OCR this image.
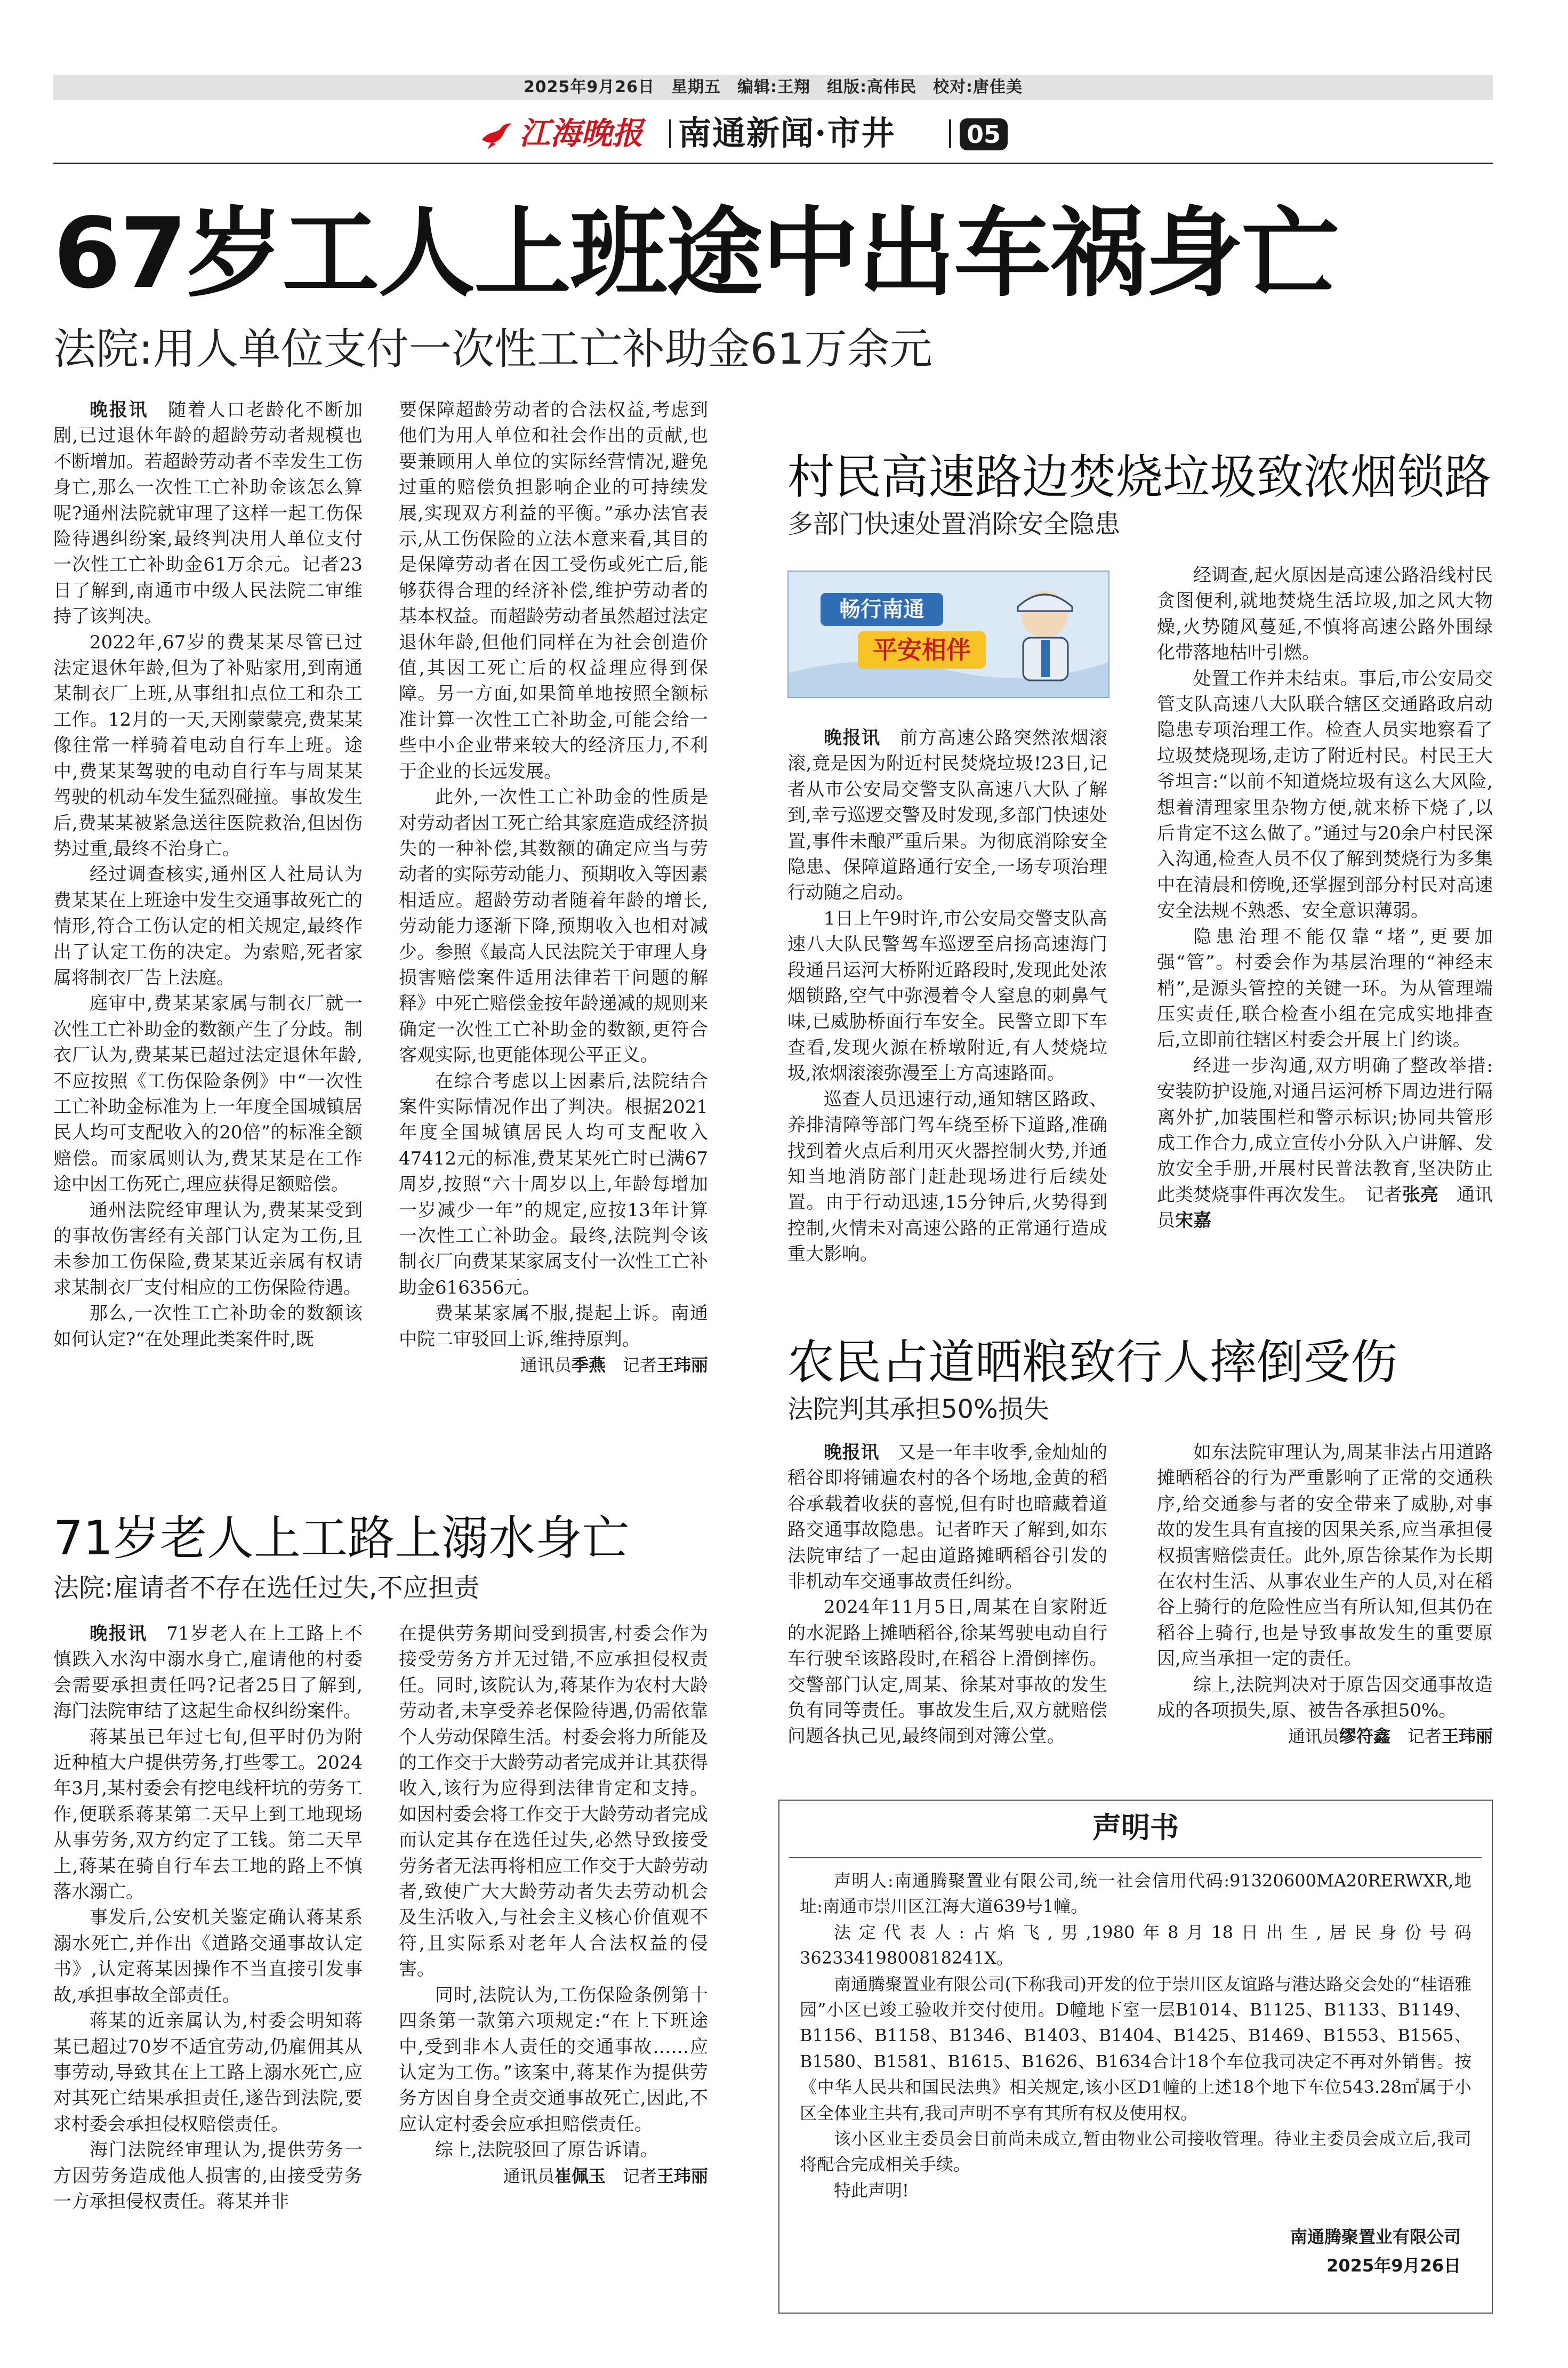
2025年9月26日　星期五　编辑:王翔　组版:高伟民　校对:唐佳美
江海晚报 南通新闻·市井	05
67岁工人上班途中出车祸身亡
法院:用人单位支付一次性工亡补助金61万余元

晚报讯　 随着人口老龄化不断加剧,已过退休年龄的超龄劳动者规模也不断增加。若超龄劳动者不幸发生工伤身亡,那么一次性工亡补助金该怎么算呢?通州法院就审理了这样一起工伤保险待遇纠纷案,最终判决用人单位支付一次性工亡补助金61万余元。记者23日了解到,南通市中级人民法院二审维持了该判决。

2022年,67岁的费某某尽管已过法定退休年龄,但为了补贴家用,到南通某制衣厂上班,从事组扣点位工和杂工工作。12月的一天,天刚蒙蒙亮,费某某像往常一样骑着电动自行车上班。途中,费某某驾驶的电动自行车与周某某驾驶的机动车发生猛烈碰撞。事故发生后,费某某被紧急送往医院救治,但因伤势过重,最终不治身亡。

经过调查核实,通州区人社局认为费某某在上班途中发生交通事故死亡的情形,符合工伤认定的相关规定,最终作出了认定工伤的决定。为索赔,死者家属将制衣厂告上法庭。

庭审中,费某某家属与制衣厂就一次性工亡补助金的数额产生了分歧。制衣厂认为,费某某已超过法定退休年龄,不应按照《工伤保险条例》中“一次性工亡补助金标准为上一年度全国城镇居民人均可支配收入的20倍”的标准全额赔偿。而家属则认为,费某某是在工作途中因工伤死亡,理应获得足额赔偿。

通州法院经审理认为,费某某受到的事故伤害经有关部门认定为工伤,且未参加工伤保险,费某某近亲属有权请求某制衣厂支付相应的工伤保险待遇。

那么,一次性工亡补助金的数额该如何认定?“在处理此类案件时,既

要保障超龄劳动者的合法权益,考虑到他们为用人单位和社会作出的贡献,也要兼顾用人单位的实际经营情况,避免过重的赔偿负担影响企业的可持续发展,实现双方利益的平衡。”承办法官表示,从工伤保险的立法本意来看,其目的是保障劳动者在因工受伤或死亡后,能够获得合理的经济补偿,维护劳动者的基本权益。而超龄劳动者虽然超过法定退休年龄,但他们同样在为社会创造价值,其因工死亡后的权益理应得到保障。另一方面,如果简单地按照全额标准计算一次性工亡补助金,可能会给一些中小企业带来较大的经济压力,不利于企业的长远发展。

此外,一次性工亡补助金的性质是对劳动者因工死亡给其家庭造成经济损失的一种补偿,其数额的确定应当与劳动者的实际劳动能力、预期收入等因素相适应。超龄劳动者随着年龄的增长,劳动能力逐渐下降,预期收入也相对减少。参照《最高人民法院关于审理人身损害赔偿案件适用法律若干问题的解释》中死亡赔偿金按年龄递减的规则来确定一次性工亡补助金的数额,更符合客观实际,也更能体现公平正义。

在综合考虑以上因素后,法院结合案件实际情况作出了判决。根据2021年度全国城镇居民人均可支配收入47412元的标准,费某某死亡时已满67周岁,按照“六十周岁以上,年龄每增加一岁减少一年”的规定,应按13年计算一次性工亡补助金。最终,法院判令该制衣厂向费某某家属支付一次性工亡补助金616356元。

费某某家属不服,提起上诉。南通中院二审驳回上诉,维持原判。

通讯员季燕　 记者王玮丽
村民高速路边焚烧垃圾致浓烟锁路
多部门快速处置消除安全隐患
畅行南通
平安相伴

晚报讯　 前方高速公路突然浓烟滚滚,竟是因为附近村民焚烧垃圾!23日,记者从市公安局交警支队高速八大队了解到,幸亏巡逻交警及时发现,多部门快速处置,事件未酿严重后果。为彻底消除安全隐患、保障道路通行安全,一场专项治理行动随之启动。

1日上午9时许,市公安局交警支队高速八大队民警驾车巡逻至启扬高速海门段通吕运河大桥附近路段时,发现此处浓烟锁路,空气中弥漫着令人窒息的刺鼻气味,已威胁桥面行车安全。民警立即下车查看,发现火源在桥墩附近,有人焚烧垃圾,浓烟滚滚弥漫至上方高速路面。

巡查人员迅速行动,通知辖区路政、养排清障等部门驾车绕至桥下道路,准确找到着火点后利用灭火器控制火势,并通知当地消防部门赶赴现场进行后续处置。由于行动迅速,15分钟后,火势得到控制,火情未对高速公路的正常通行造成重大影响。

经调查,起火原因是高速公路沿线村民贪图便利,就地焚烧生活垃圾,加之风大物燥,火势随风蔓延,不慎将高速公路外围绿化带落地枯叶引燃。

处置工作并未结束。事后,市公安局交管支队高速八大队联合辖区交通路政启动隐患专项治理工作。检查人员实地察看了垃圾焚烧现场,走访了附近村民。村民王大爷坦言:“以前不知道烧垃圾有这么大风险,想着清理家里杂物方便,就来桥下烧了,以后肯定不这么做了。”通过与20余户村民深入沟通,检查人员不仅了解到焚烧行为多集中在清晨和傍晚,还掌握到部分村民对高速安全法规不熟悉、安全意识薄弱。

隐患治理不能仅靠“堵”,更要加强“管”。村委会作为基层治理的“神经末梢”,是源头管控的关键一环。为从管理端压实责任,联合检查小组在完成实地排查后,立即前往辖区村委会开展上门约谈。

经进一步沟通,双方明确了整改举措:安装防护设施,对通吕运河桥下周边进行隔离外扩,加装围栏和警示标识;协同共管形成工作合力,成立宣传小分队入户讲解、发放安全手册,开展村民普法教育,坚决防止此类焚烧事件再次发生。　 记者张亮　 通讯员宋嘉

农民占道晒粮致行人摔倒受伤
法院判其承担50%损失

晚报讯　 又是一年丰收季,金灿灿的稻谷即将铺遍农村的各个场地,金黄的稻谷承载着收获的喜悦,但有时也暗藏着道路交通事故隐患。记者昨天了解到,如东法院审结了一起由道路摊晒稻谷引发的非机动车交通事故责任纠纷。

2024年11月5日,周某在自家附近的水泥路上摊晒稻谷,徐某驾驶电动自行车行驶至该路段时,在稻谷上滑倒摔伤。交警部门认定,周某、徐某对事故的发生负有同等责任。事故发生后,双方就赔偿问题各执己见,最终闹到对簿公堂。

如东法院审理认为,周某非法占用道路摊晒稻谷的行为严重影响了正常的交通秩序,给交通参与者的安全带来了威胁,对事故的发生具有直接的因果关系,应当承担侵权损害赔偿责任。此外,原告徐某作为长期在农村生活、从事农业生产的人员,对在稻谷上骑行的危险性应当有所认知,但其仍在稻谷上骑行,也是导致事故发生的重要原因,应当承担一定的责任。

综上,法院判决对于原告因交通事故造成的各项损失,原、被告各承担50%。

通讯员缪符鑫　 记者王玮丽
71岁老人上工路上溺水身亡
法院:雇请者不存在选任过失,不应担责

晚报讯　 71岁老人在上工路上不慎跌入水沟中溺水身亡,雇请他的村委会需要承担责任吗?记者25日了解到,海门法院审结了这起生命权纠纷案件。

蒋某虽已年过七旬,但平时仍为附近种植大户提供劳务,打些零工。2024年3月,某村委会有挖电线杆坑的劳务工作,便联系蒋某第二天早上到工地现场从事劳务,双方约定了工钱。第二天早上,蒋某在骑自行车去工地的路上不慎落水溺亡。

事发后,公安机关鉴定确认蒋某系溺水死亡,并作出《道路交通事故认定书》,认定蒋某因操作不当直接引发事故,承担事故全部责任。

蒋某的近亲属认为,村委会明知蒋某已超过70岁不适宜劳动,仍雇佣其从事劳动,导致其在上工路上溺水死亡,应对其死亡结果承担责任,遂告到法院,要求村委会承担侵权赔偿责任。

海门法院经审理认为,提供劳务一方因劳务造成他人损害的,由接受劳务一方承担侵权责任。蒋某并非

在提供劳务期间受到损害,村委会作为接受劳务方并无过错,不应承担侵权责任。同时,该院认为,蒋某作为农村大龄劳动者,未享受养老保险待遇,仍需依靠个人劳动保障生活。村委会将力所能及的工作交于大龄劳动者完成并让其获得收入,该行为应得到法律肯定和支持。如因村委会将工作交于大龄劳动者完成而认定其存在选任过失,必然导致接受劳务者无法再将相应工作交于大龄劳动者,致使广大大龄劳动者失去劳动机会及生活收入,与社会主义核心价值观不符,且实际系对老年人合法权益的侵害。

同时,法院认为,工伤保险条例第十四条第一款第六项规定:“在上下班途中,受到非本人责任的交通事故……应认定为工伤。”该案中,蒋某作为提供劳务方因自身全责交通事故死亡,因此,不应认定村委会应承担赔偿责任。

综上,法院驳回了原告诉请。

通讯员崔佩玉　 记者王玮丽
声明书

声明人:南通腾聚置业有限公司,统一社会信用代码:91320600MA20RERWXR,地址:南通市崇川区江海大道639号1幢。

法定代表人:占焰飞,男,1980年8月18日出生,居民身份号码36233419800818241X。

南通腾聚置业有限公司(下称我司)开发的位于崇川区友谊路与港达路交会处的“桂语雅园”小区已竣工验收并交付使用。D幢地下室一层B1014、B1125、B1133、B1149、B1156、B1158、B1346、B1403、B1404、B1425、B1469、B1553、B1565、B1580、B1581、B1615、B1626、B1634合计18个车位我司决定不再对外销售。按《中华人民共和国民法典》相关规定,该小区D1幢的上述18个地下车位543.28㎡属于小区全体业主共有,我司声明不享有其所有权及使用权。

该小区业主委员会目前尚未成立,暂由物业公司接收管理。待业主委员会成立后,我司将配合完成相关手续。

特此声明!

南通腾聚置业有限公司
2025年9月26日
